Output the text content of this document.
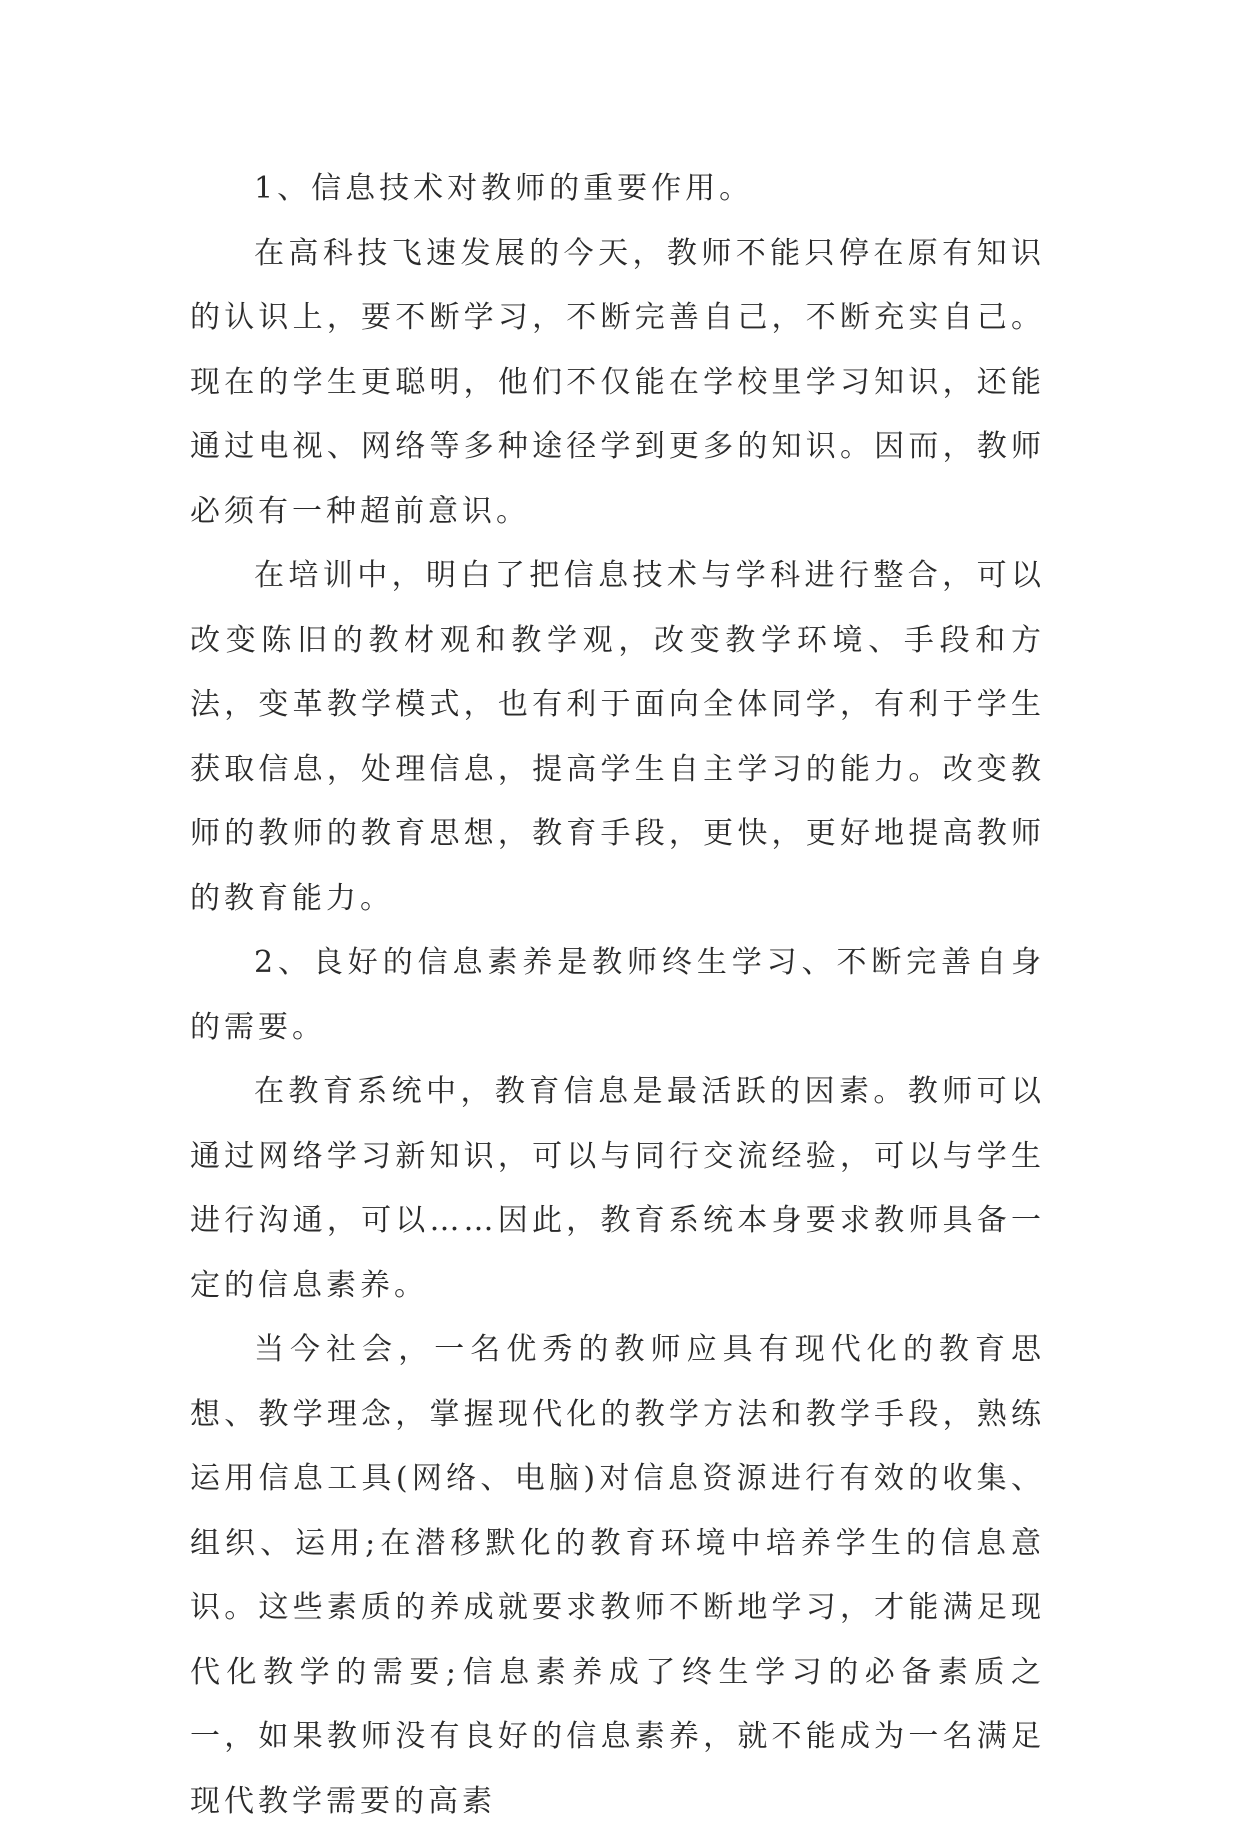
1、信息技术对教师的重要作用。

在高科技飞速发展的今天，教师不能只停在原有知识的认识上，要不断学习，不断完善自己，不断充实自己。现在的学生更聪明，他们不仅能在学校里学习知识，还能通过电视、网络等多种途径学到更多的知识。因而，教师必须有一种超前意识。

在培训中，明白了把信息技术与学科进行整合，可以改变陈旧的教材观和教学观，改变教学环境、手段和方法，变革教学模式，也有利于面向全体同学，有利于学生获取信息，处理信息，提高学生自主学习的能力。改变教师的教师的教育思想，教育手段，更快，更好地提高教师的教育能力。

2、良好的信息素养是教师终生学习、不断完善自身的需要。

在教育系统中，教育信息是最活跃的因素。教师可以通过网络学习新知识，可以与同行交流经验，可以与学生进行沟通，可以……因此，教育系统本身要求教师具备一定的信息素养。

当今社会，一名优秀的教师应具有现代化的教育思想、教学理念，掌握现代化的教学方法和教学手段，熟练运用信息工具(网络、电脑)对信息资源进行有效的收集、组织、运用;在潜移默化的教育环境中培养学生的信息意识。这些素质的养成就要求教师不断地学习，才能满足现代化教学的需要;信息素养成了终生学习的必备素质之一，如果教师没有良好的信息素养，就不能成为一名满足现代教学需要的高素
